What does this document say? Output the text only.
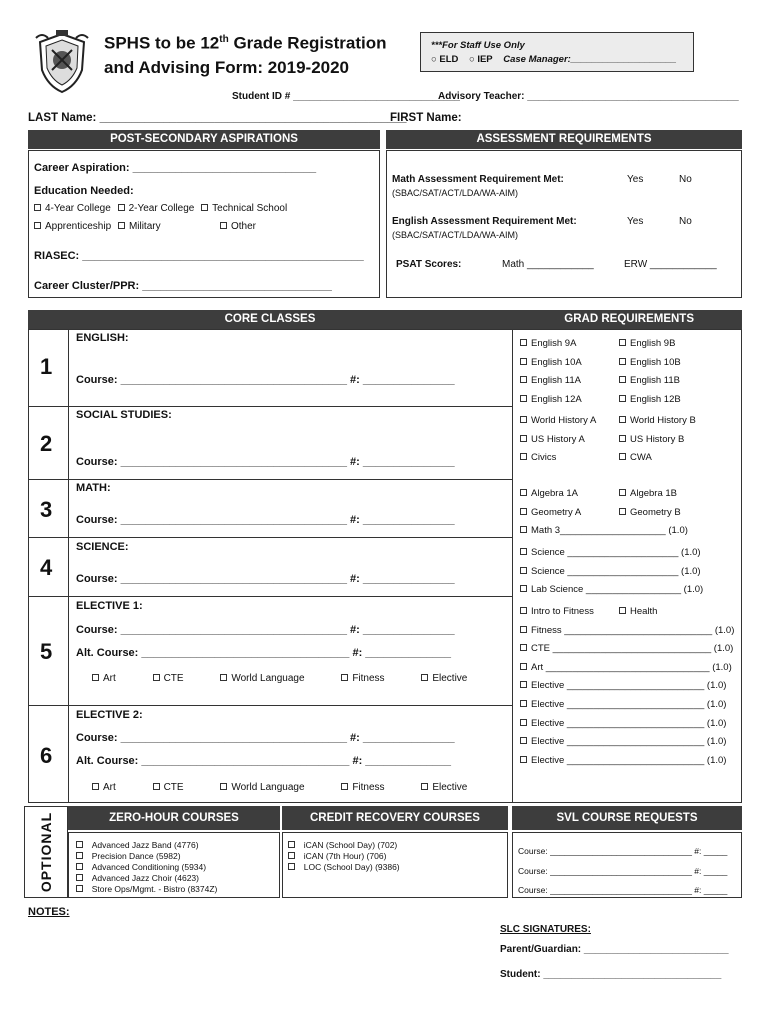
SPHS to be 12th Grade Registration
and Advising Form: 2019-2020
***For Staff Use Only
○ ELD ○ IEP Case Manager:____________________
Student ID # ______________________________
Advisory Teacher: ______________________________________
LAST Name: ________________________________________________
FIRST Name:
POST-SECONDARY ASPIRATIONS	ASSESSMENT REQUIREMENTS
Career Aspiration: ______________________________
Education Needed:
4-Year College 2-Year College Technical School
Apprenticeship Military	Other
RIASEC: ______________________________________________
Career Cluster/PPR: _______________________________
Math Assessment Requirement Met:
(SBAC/SAT/ACT/LDA/WA-AIM)
Yes	No
English Assessment Requirement Met:
(SBAC/SAT/ACT/LDA/WA-AIM)
Yes	No
PSAT Scores:	Math ____________	ERW ____________
CORE CLASSES	GRAD REQUIREMENTS
1
ENGLISH:
Course: _____________________________________ #: _______________
2
SOCIAL STUDIES:
Course: _____________________________________ #: _______________
3
MATH:
Course: _____________________________________ #: _______________
4
SCIENCE:
Course: _____________________________________ #: _______________
5
ELECTIVE 1:
Course: _____________________________________ #: _______________
Alt. Course: __________________________________ #: ______________
Art	CTE	World Language	Fitness	Elective
6
ELECTIVE 2:
Course: _____________________________________ #: _______________
Alt. Course: __________________________________ #: ______________
Art	CTE	World Language	Fitness	Elective
English 9A	English 9B
English 10A	English 10B
English 11A	English 11B
English 12A	English 12B
World History A	World History B
US History A	US History B
Civics	CWA
Algebra 1A	Algebra 1B
Geometry A	Geometry B
Math 3____________________ (1.0)
Science _____________________ (1.0)
Science _____________________ (1.0)
Lab Science __________________ (1.0)
Intro to Fitness	Health
Fitness ____________________________ (1.0)
CTE ______________________________ (1.0)
Art _______________________________ (1.0)
Elective __________________________ (1.0)
Elective __________________________ (1.0)
Elective __________________________ (1.0)
Elective __________________________ (1.0)
Elective __________________________ (1.0)
OPTIONAL	ZERO-HOUR COURSES	CREDIT RECOVERY COURSES	SVL COURSE REQUESTS
Advanced Jazz Band (4776)
Precision Dance (5982)
Advanced Conditioning (5934)
Advanced Jazz Choir (4623)
Store Ops/Mgmt. - Bistro (8374Z)
iCAN (School Day) (702)
iCAN (7th Hour) (706)
LOC (School Day) (9386)
Course: ______________________________ #: _____
Course: ______________________________ #: _____
Course: ______________________________ #: _____
NOTES:
SLC SIGNATURES:
Parent/Guardian: __________________________
Student: ________________________________
